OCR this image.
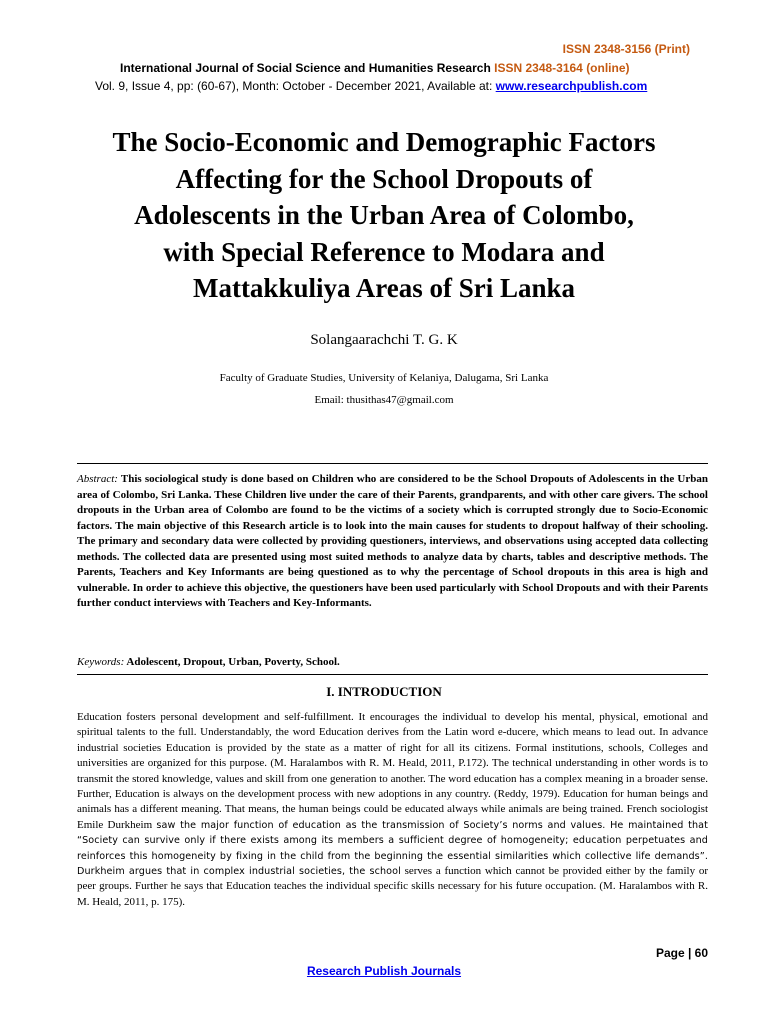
ISSN 2348-3156 (Print)
International Journal of Social Science and Humanities Research ISSN 2348-3164 (online)
Vol. 9, Issue 4, pp: (60-67), Month: October - December 2021, Available at: www.researchpublish.com
The Socio-Economic and Demographic Factors
Affecting for the School Dropouts of
Adolescents in the Urban Area of Colombo,
with Special Reference to Modara and
Mattakkuliya Areas of Sri Lanka
Solangaarachchi T. G. K
Faculty of Graduate Studies, University of Kelaniya, Dalugama, Sri Lanka
Email: thusithas47@gmail.com

Abstract: This sociological study is done based on Children who are considered to be the School Dropouts of Adolescents in the Urban area of Colombo, Sri Lanka. These Children live under the care of their Parents, grandparents, and with other care givers. The school dropouts in the Urban area of Colombo are found to be the victims of a society which is corrupted strongly due to Socio-Economic factors. The main objective of this Research article is to look into the main causes for students to dropout halfway of their schooling. The primary and secondary data were collected by providing questioners, interviews, and observations using accepted data collecting methods. The collected data are presented using most suited methods to analyze data by charts, tables and descriptive methods. The Parents, Teachers and Key Informants are being questioned as to why the percentage of School dropouts in this area is high and vulnerable. In order to achieve this objective, the questioners have been used particularly with School Dropouts and with their Parents further conduct interviews with Teachers and Key-Informants.

Keywords: Adolescent, Dropout, Urban, Poverty, School.

I. INTRODUCTION

Education fosters personal development and self-fulfillment. It encourages the individual to develop his mental, physical, emotional and spiritual talents to the full. Understandably, the word Education derives from the Latin word e-ducere, which means to lead out. In advance industrial societies Education is provided by the state as a matter of right for all its citizens. Formal institutions, schools, Colleges and universities are organized for this purpose. (M. Haralambos with R. M. Heald, 2011, P.172). The technical understanding in other words is to transmit the stored knowledge, values and skill from one generation to another. The word education has a complex meaning in a broader sense. Further, Education is always on the development process with new adoptions in any country. (Reddy, 1979). Education for human beings and animals has a different meaning. That means, the human beings could be educated always while animals are being trained. French sociologist Emile Durkheim saw the major function of education as the transmission of Society’s norms and values. He maintained that “Society can survive only if there exists among its members a sufficient degree of homogeneity; education perpetuates and reinforces this homogeneity by fixing in the child from the beginning the essential similarities which collective life demands”. Durkheim argues that in complex industrial societies, the school serves a function which cannot be provided either by the family or peer groups. Further he says that Education teaches the individual specific skills necessary for his future occupation. (M. Haralambos with R. M. Heald, 2011, p. 175).

Page | 60
Research Publish Journals
